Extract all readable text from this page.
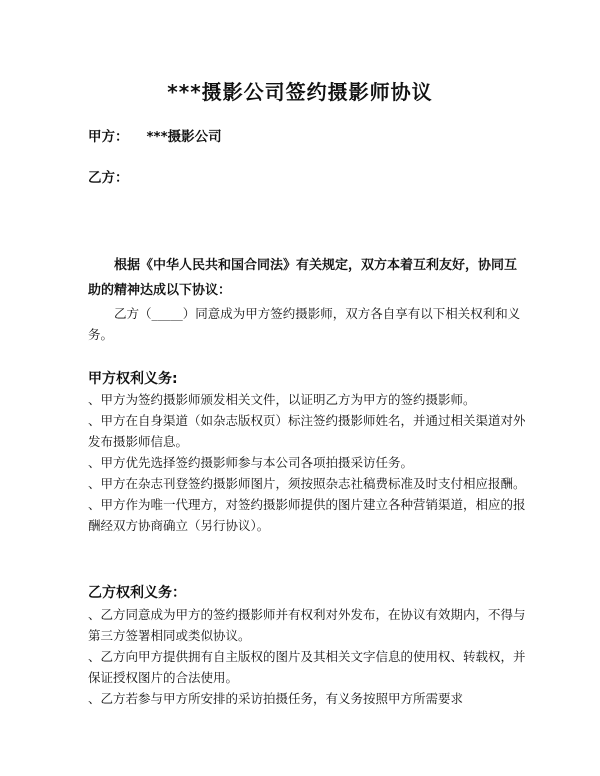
***摄影公司签约摄影师协议
甲方： ***摄影公司
乙方：

根据《中华人民共和国合同法》有关规定，双方本着互利友好，协同互助的精神达成以下协议：

乙方（_____）同意成为甲方签约摄影师，双方各自享有以下相关权利和义务。

甲方权利义务:
、甲方为签约摄影师颁发相关文件，以证明乙方为甲方的签约摄影师。
、甲方在自身渠道（如杂志版权页）标注签约摄影师姓名，并通过相关渠道对外发布摄影师信息。
、甲方优先选择签约摄影师参与本公司各项拍摄采访任务。
、甲方在杂志刊登签约摄影师图片，须按照杂志社稿费标准及时支付相应报酬。
、甲方作为唯一代理方，对签约摄影师提供的图片建立各种营销渠道，相应的报酬经双方协商确立（另行协议）。
乙方权利义务：
、乙方同意成为甲方的签约摄影师并有权利对外发布，在协议有效期内，不得与第三方签署相同或类似协议。
、乙方向甲方提供拥有自主版权的图片及其相关文字信息的使用权、转载权，并保证授权图片的合法使用。
、乙方若参与甲方所安排的采访拍摄任务，有义务按照甲方所需要求
